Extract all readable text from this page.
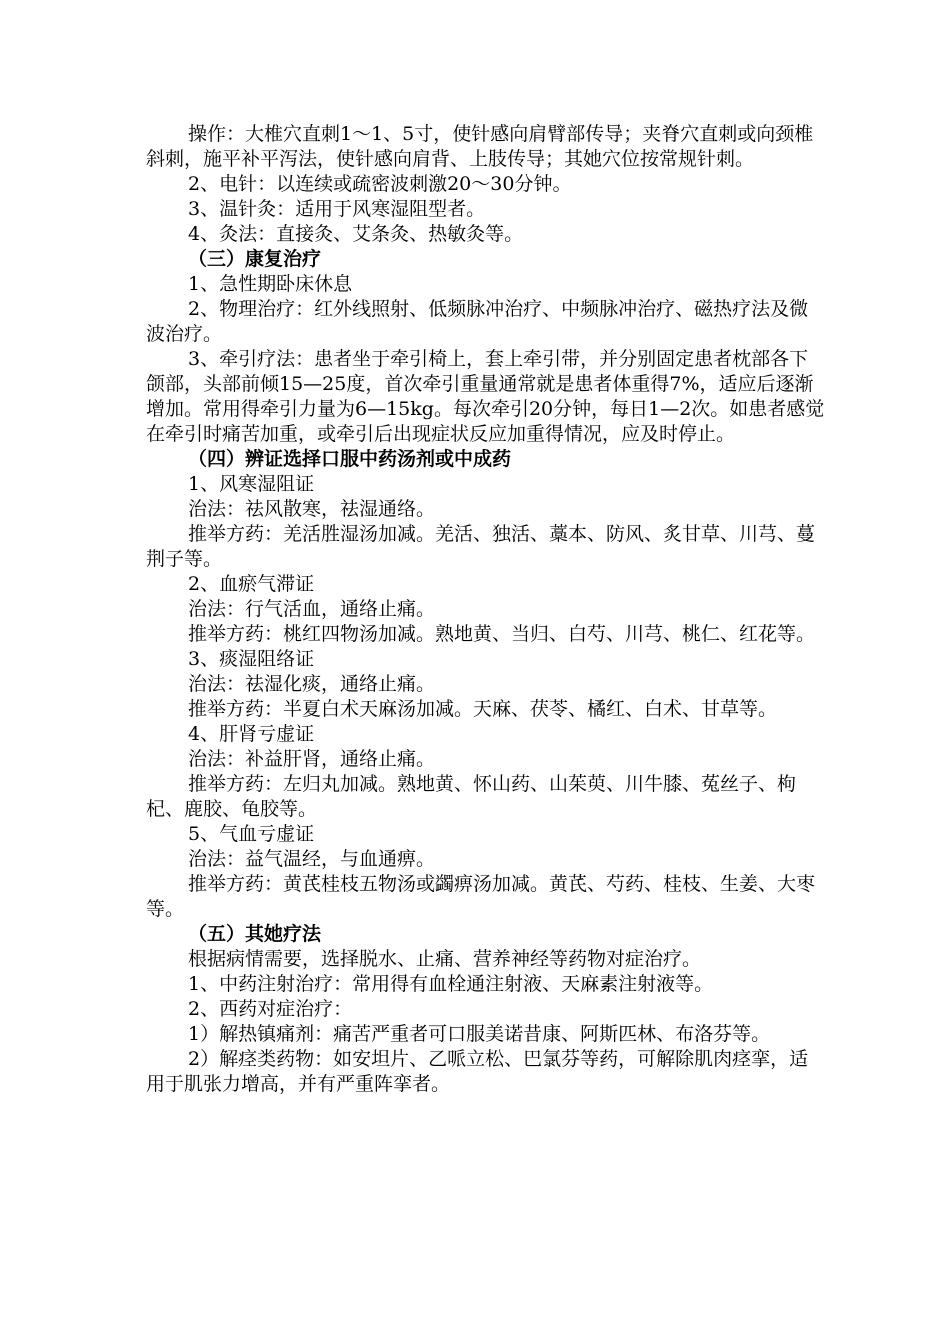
操作：大椎穴直刺1～1、5寸，使针感向肩臂部传导；夹脊穴直刺或向颈椎斜刺，施平补平泻法，使针感向肩背、上肢传导；其她穴位按常规针刺。

2、电针：以连续或疏密波刺激20～30分钟。

3、温针灸：适用于风寒湿阻型者。

4、灸法：直接灸、艾条灸、热敏灸等。

（三）康复治疗

1、急性期卧床休息

2、物理治疗：红外线照射、低频脉冲治疗、中频脉冲治疗、磁热疗法及微波治疗。

3、牵引疗法：患者坐于牵引椅上，套上牵引带，并分别固定患者枕部各下颌部，头部前倾15—25度，首次牵引重量通常就是患者体重得7%，适应后逐渐增加。常用得牵引力量为6—15kg。每次牵引20分钟，每日1—2次。如患者感觉在牵引时痛苦加重，或牵引后出现症状反应加重得情况，应及时停止。

（四）辨证选择口服中药汤剂或中成药

1、风寒湿阻证

治法：祛风散寒，祛湿通络。

推举方药：羌活胜湿汤加减。羌活、独活、藁本、防风、炙甘草、川芎、蔓荆子等。

2、血瘀气滞证

治法：行气活血，通络止痛。

推举方药：桃红四物汤加减。熟地黄、当归、白芍、川芎、桃仁、红花等。

3、痰湿阻络证

治法：祛湿化痰，通络止痛。

推举方药：半夏白术天麻汤加减。天麻、茯苓、橘红、白术、甘草等。

4、肝肾亏虚证

治法：补益肝肾，通络止痛。

推举方药：左归丸加减。熟地黄、怀山药、山茱萸、川牛膝、菟丝子、枸杞、鹿胶、龟胶等。

5、气血亏虚证

治法：益气温经，与血通痹。

推举方药：黄芪桂枝五物汤或蠲痹汤加减。黄芪、芍药、桂枝、生姜、大枣等。

（五）其她疗法

根据病情需要，选择脱水、止痛、营养神经等药物对症治疗。

1、中药注射治疗：常用得有血栓通注射液、天麻素注射液等。

2、西药对症治疗：

1）解热镇痛剂：痛苦严重者可口服美诺昔康、阿斯匹林、布洛芬等。

2）解痉类药物：如安坦片、乙哌立松、巴氯芬等药，可解除肌肉痉挛，适用于肌张力增高，并有严重阵挛者。
